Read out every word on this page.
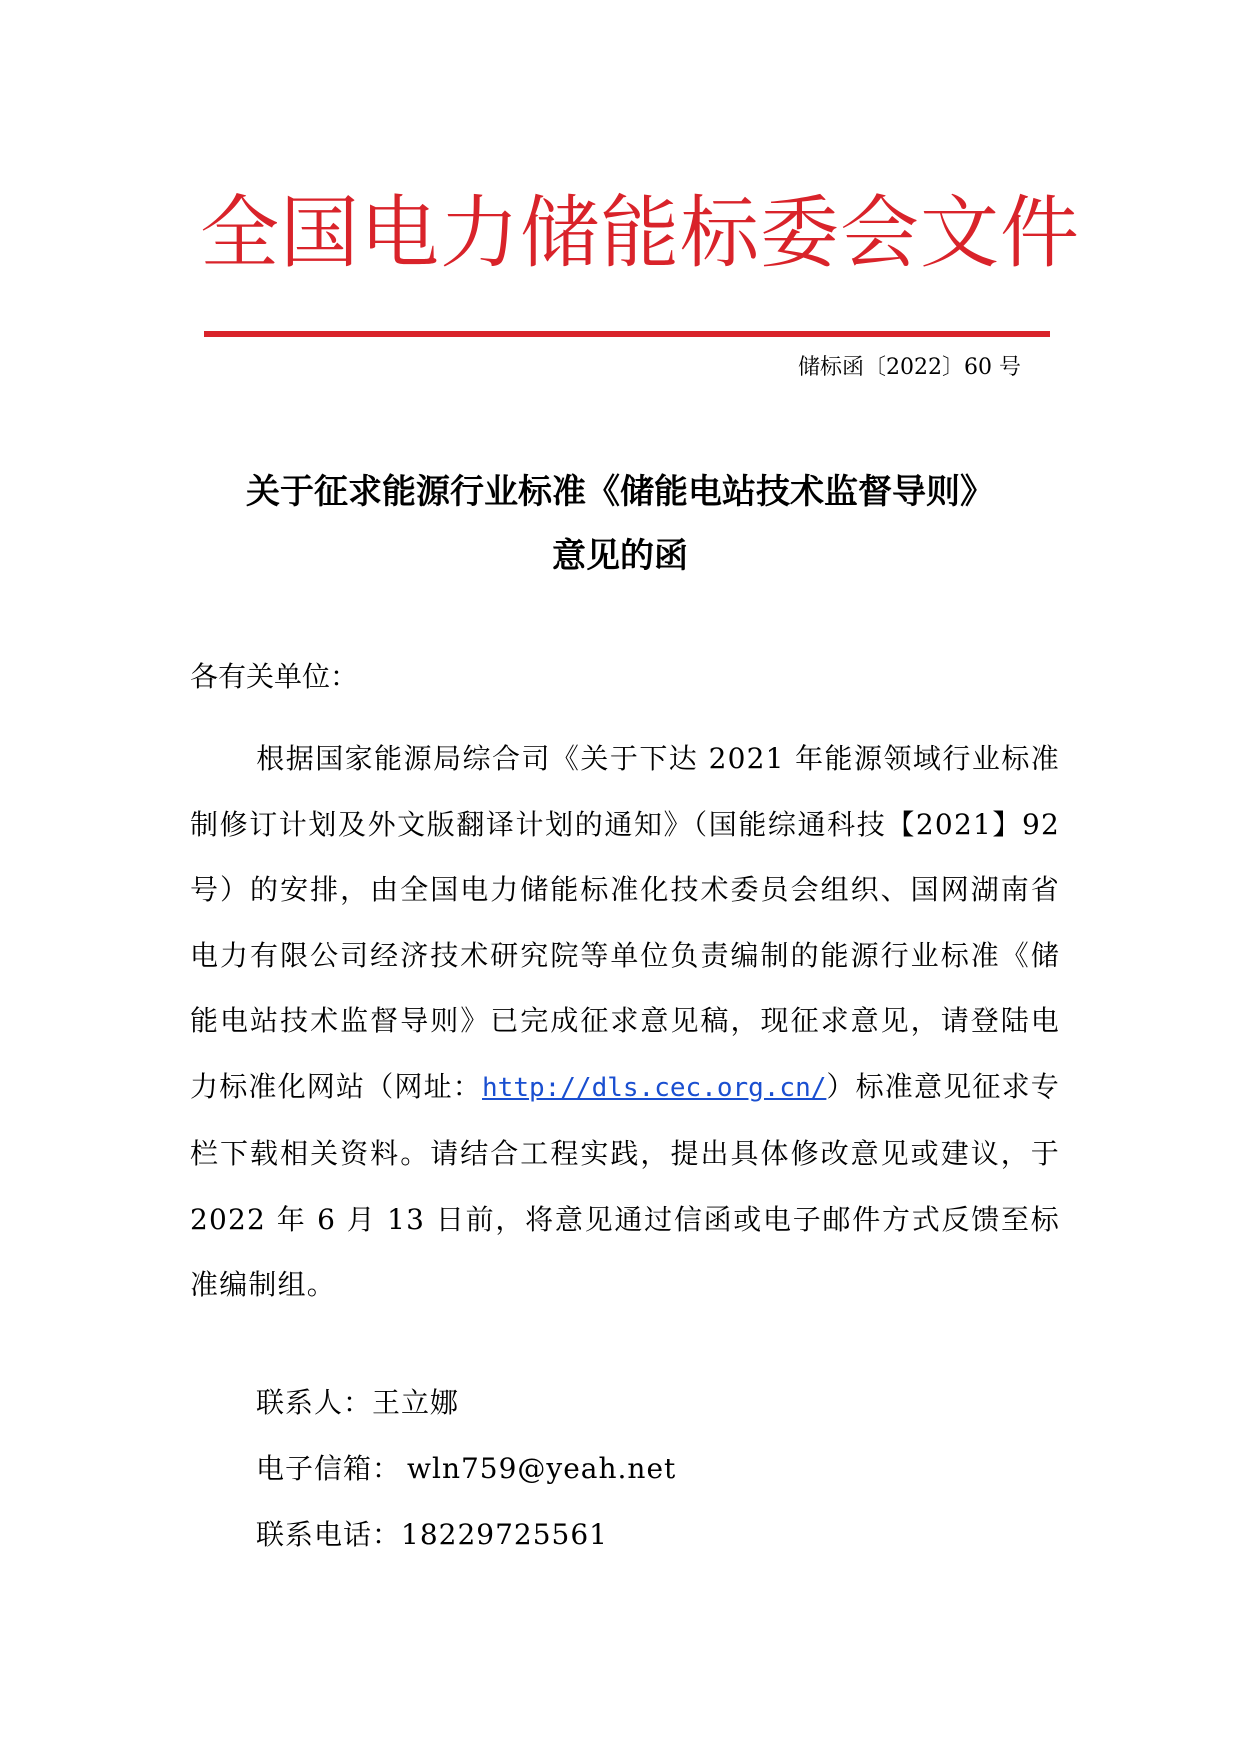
全国电力储能标委会文件
储标函〔2022〕60 号
关于征求能源行业标准《储能电站技术监督导则》
意见的函
各有关单位：
根据国家能源局综合司《关于下达 2021 年能源领域行业标准制修订计划及外文版翻译计划的通知》（国能综通科技【2021】92 号）的安排，由全国电力储能标准化技术委员会组织、国网湖南省电力有限公司经济技术研究院等单位负责编制的能源行业标准《储能电站技术监督导则》已完成征求意见稿，现征求意见，请登陆电力标准化网站（网址：http://dls.cec.org.cn/）标准意见征求专栏下载相关资料。请结合工程实践，提出具体修改意见或建议，于 2022 年 6 月 13 日前，将意见通过信函或电子邮件方式反馈至标准编制组。
联系人：王立娜
电子信箱： wln759@yeah.net
联系电话：18229725561
